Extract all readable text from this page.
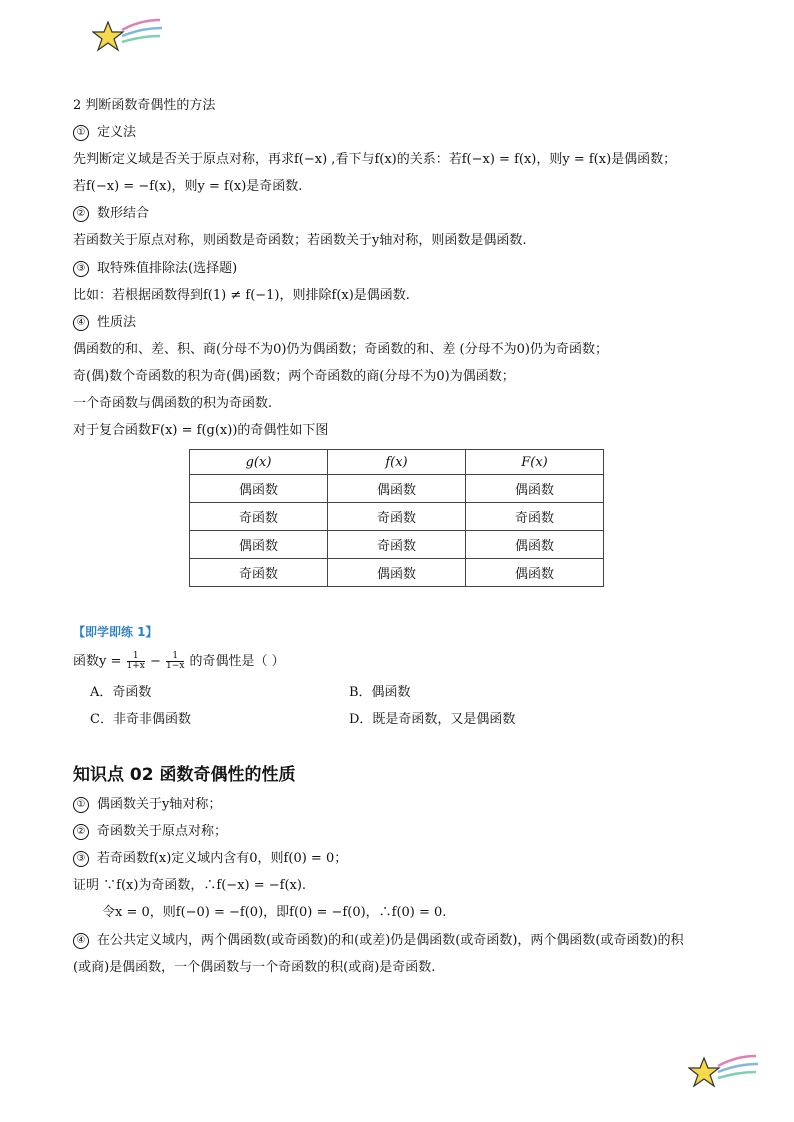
2 判断函数奇偶性的方法
① 定义法
先判断定义域是否关于原点对称，再求f(−x) ,看下与f(x)的关系：若f(−x) = f(x)，则y = f(x)是偶函数；
若f(−x) = −f(x)，则y = f(x)是奇函数.
② 数形结合
若函数关于原点对称，则函数是奇函数；若函数关于y轴对称，则函数是偶函数.
③ 取特殊值排除法(选择题)
比如：若根据函数得到f(1) ≠ f(−1)，则排除f(x)是偶函数.
④ 性质法
偶函数的和、差、积、商(分母不为0)仍为偶函数；奇函数的和、差 (分母不为0)仍为奇函数；
奇(偶)数个奇函数的积为奇(偶)函数；两个奇函数的商(分母不为0)为偶函数；
一个奇函数与偶函数的积为奇函数.
对于复合函数F(x) = f(g(x))的奇偶性如下图
g(x)	f(x)	F(x)
偶函数	偶函数	偶函数
奇函数	奇函数	奇函数
偶函数	奇函数	偶函数
奇函数	偶函数	偶函数
【即学即练 1】
函数$y = \frac{1}{1+x} - \frac{1}{1-x}$ 的奇偶性是（ ）
A．奇函数	B．偶函数
C．非奇非偶函数	D．既是奇函数，又是偶函数
知识点 02 函数奇偶性的性质
① 偶函数关于y轴对称；
② 奇函数关于原点对称；
③ 若奇函数f(x)定义域内含有0，则f(0) = 0；
证明 ∵f(x)为奇函数，∴f(−x) = −f(x).
令x = 0，则f(−0) = −f(0)，即f(0) = −f(0)，∴f(0) = 0.
④ 在公共定义域内，两个偶函数(或奇函数)的和(或差)仍是偶函数(或奇函数)，两个偶函数(或奇函数)的积
(或商)是偶函数，一个偶函数与一个奇函数的积(或商)是奇函数.
